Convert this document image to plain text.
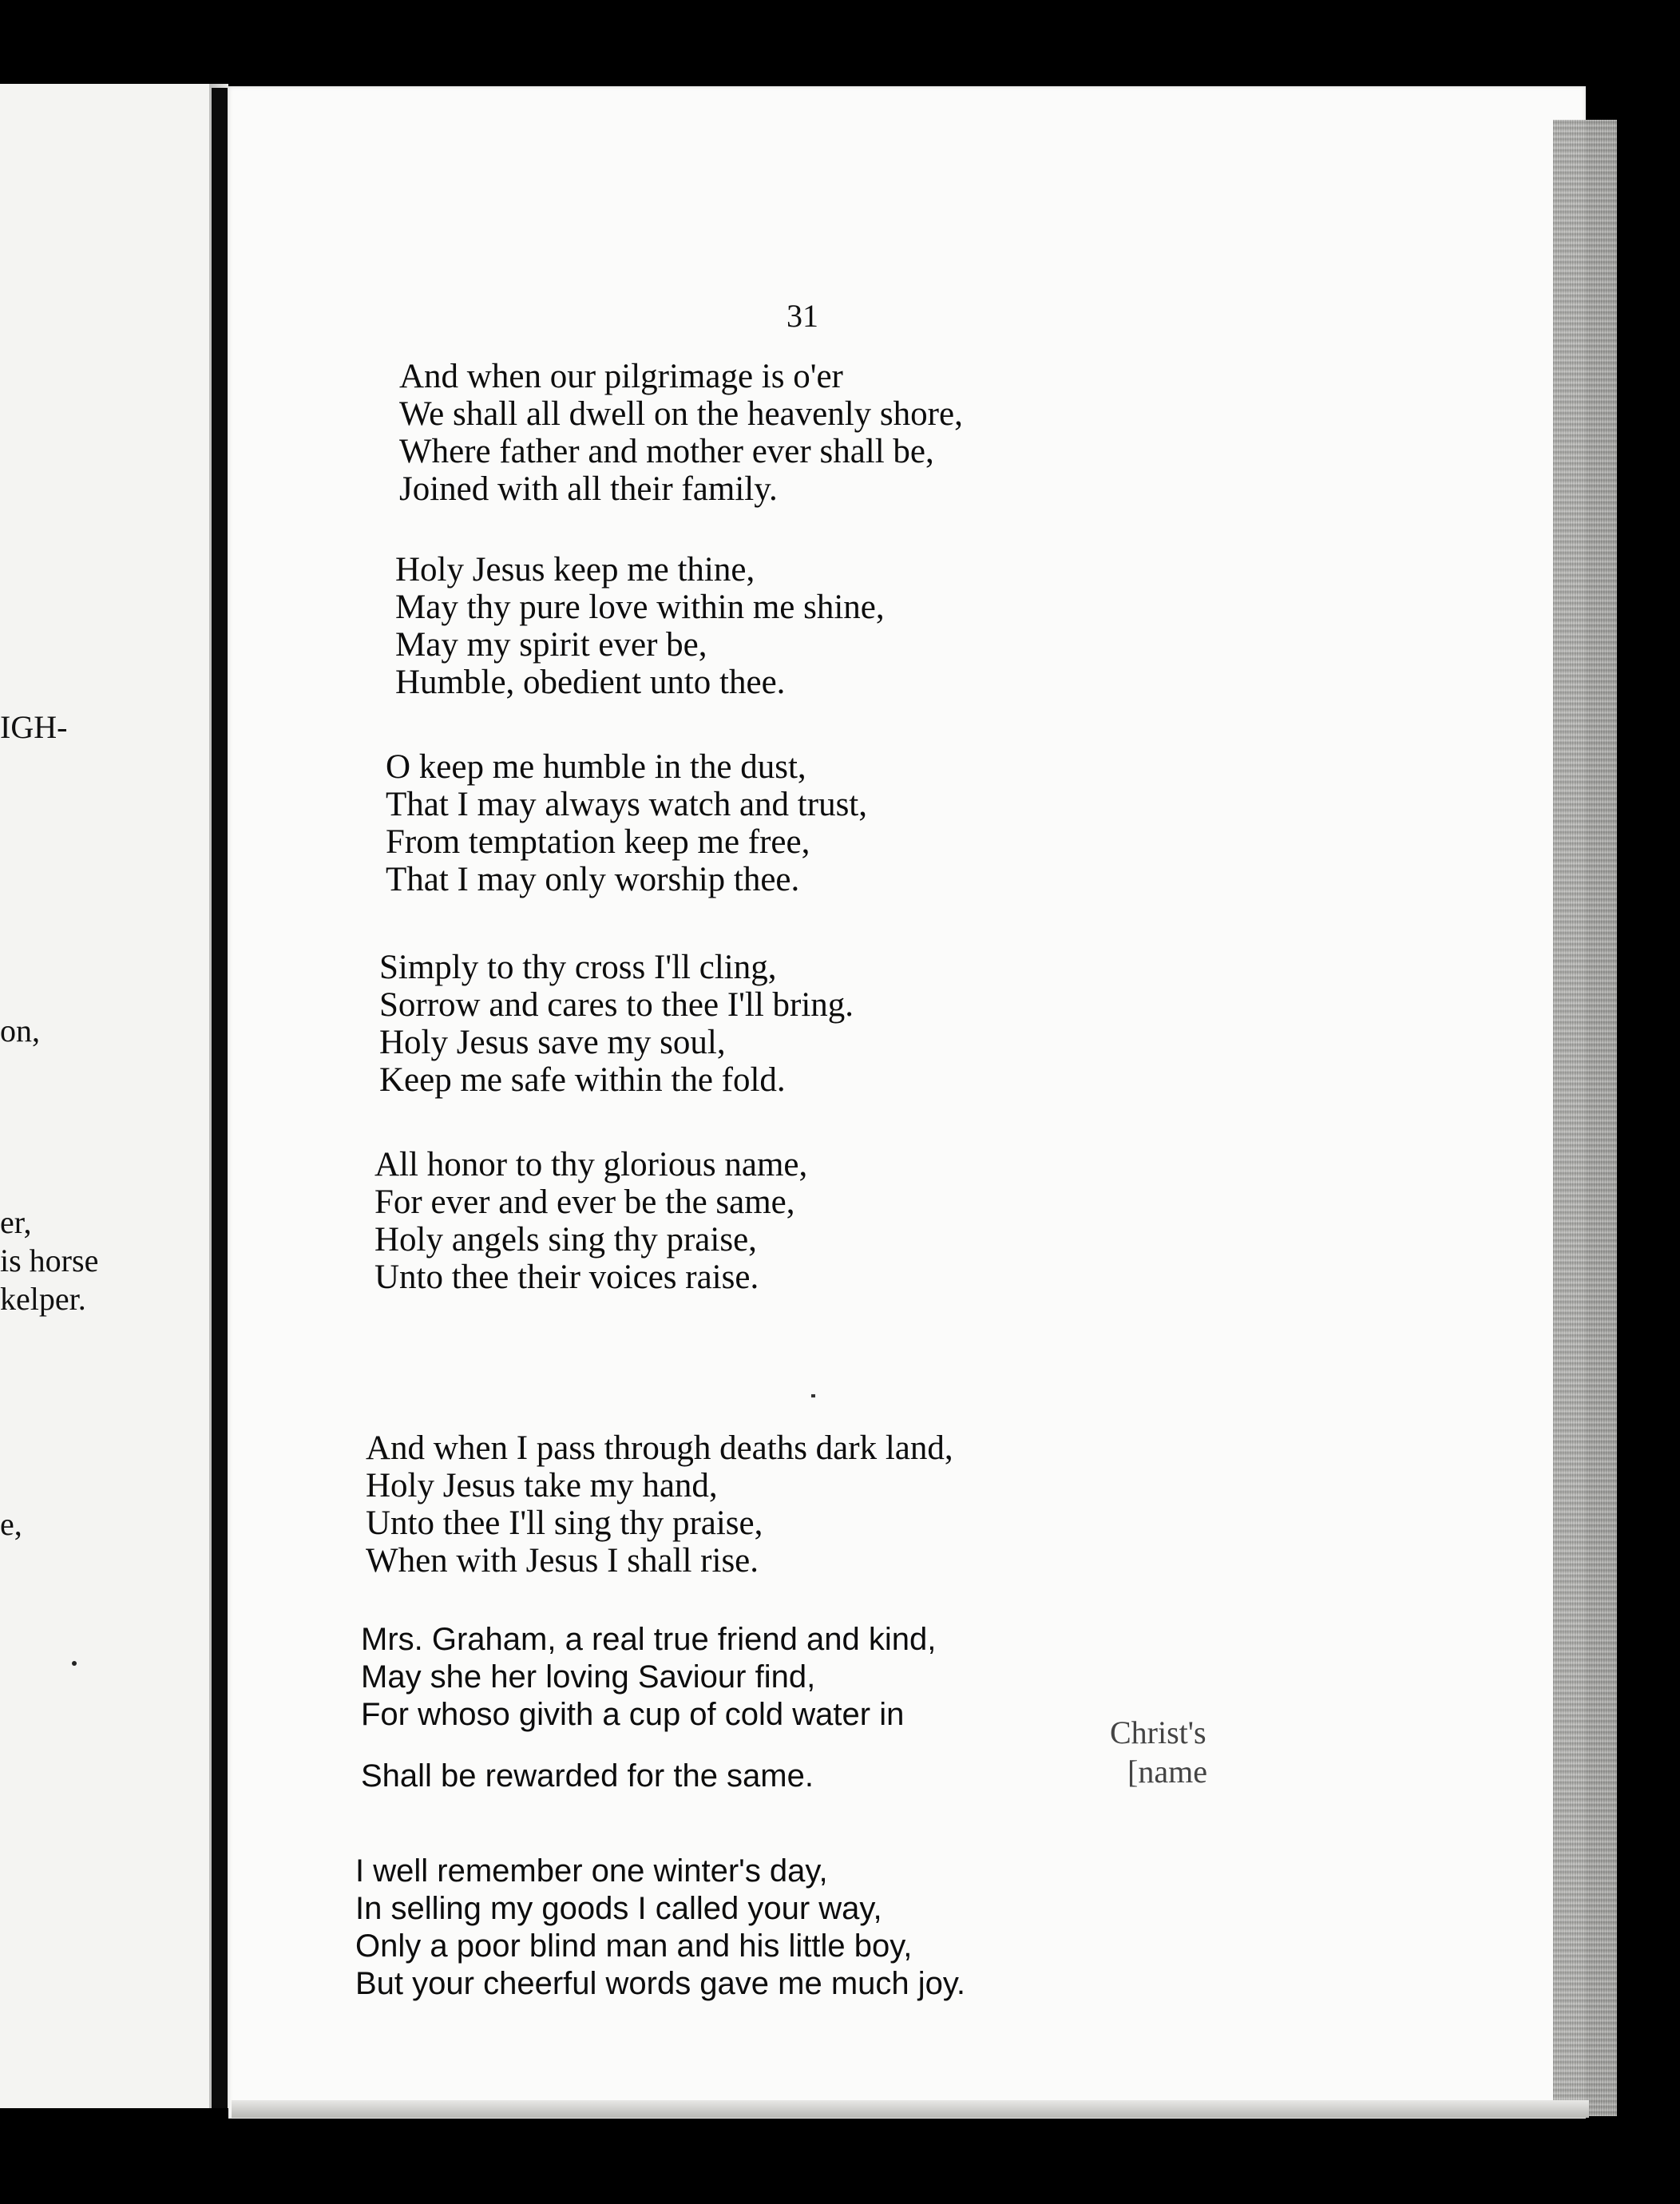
IGH-
on,
er,
is horse
kelper.
e,
31
And when our pilgrimage is o'er
We shall all dwell on the heavenly shore,
Where father and mother ever shall be,
Joined with all their family.
Holy Jesus keep me thine,
May thy pure love within me shine,
May my spirit ever be,
Humble, obedient unto thee.
O keep me humble in the dust,
That I may always watch and trust,
From temptation keep me free,
That I may only worship thee.
Simply to thy cross I'll cling,
Sorrow and cares to thee I'll bring.
Holy Jesus save my soul,
Keep me safe within the fold.
All honor to thy glorious name,
For ever and ever be the same,
Holy angels sing thy praise,
Unto thee their voices raise.
And when I pass through deaths dark land,
Holy Jesus take my hand,
Unto thee I'll sing thy praise,
When with Jesus I shall rise.
Mrs. Graham, a real true friend and kind,
May she her loving Saviour find,
For whoso givith a cup of cold water in
Shall be rewarded for the same.
Christ's
[name
I well remember one winter's day,
In selling my goods I called your way,
Only a poor blind man and his little boy,
But your cheerful words gave me much joy.
